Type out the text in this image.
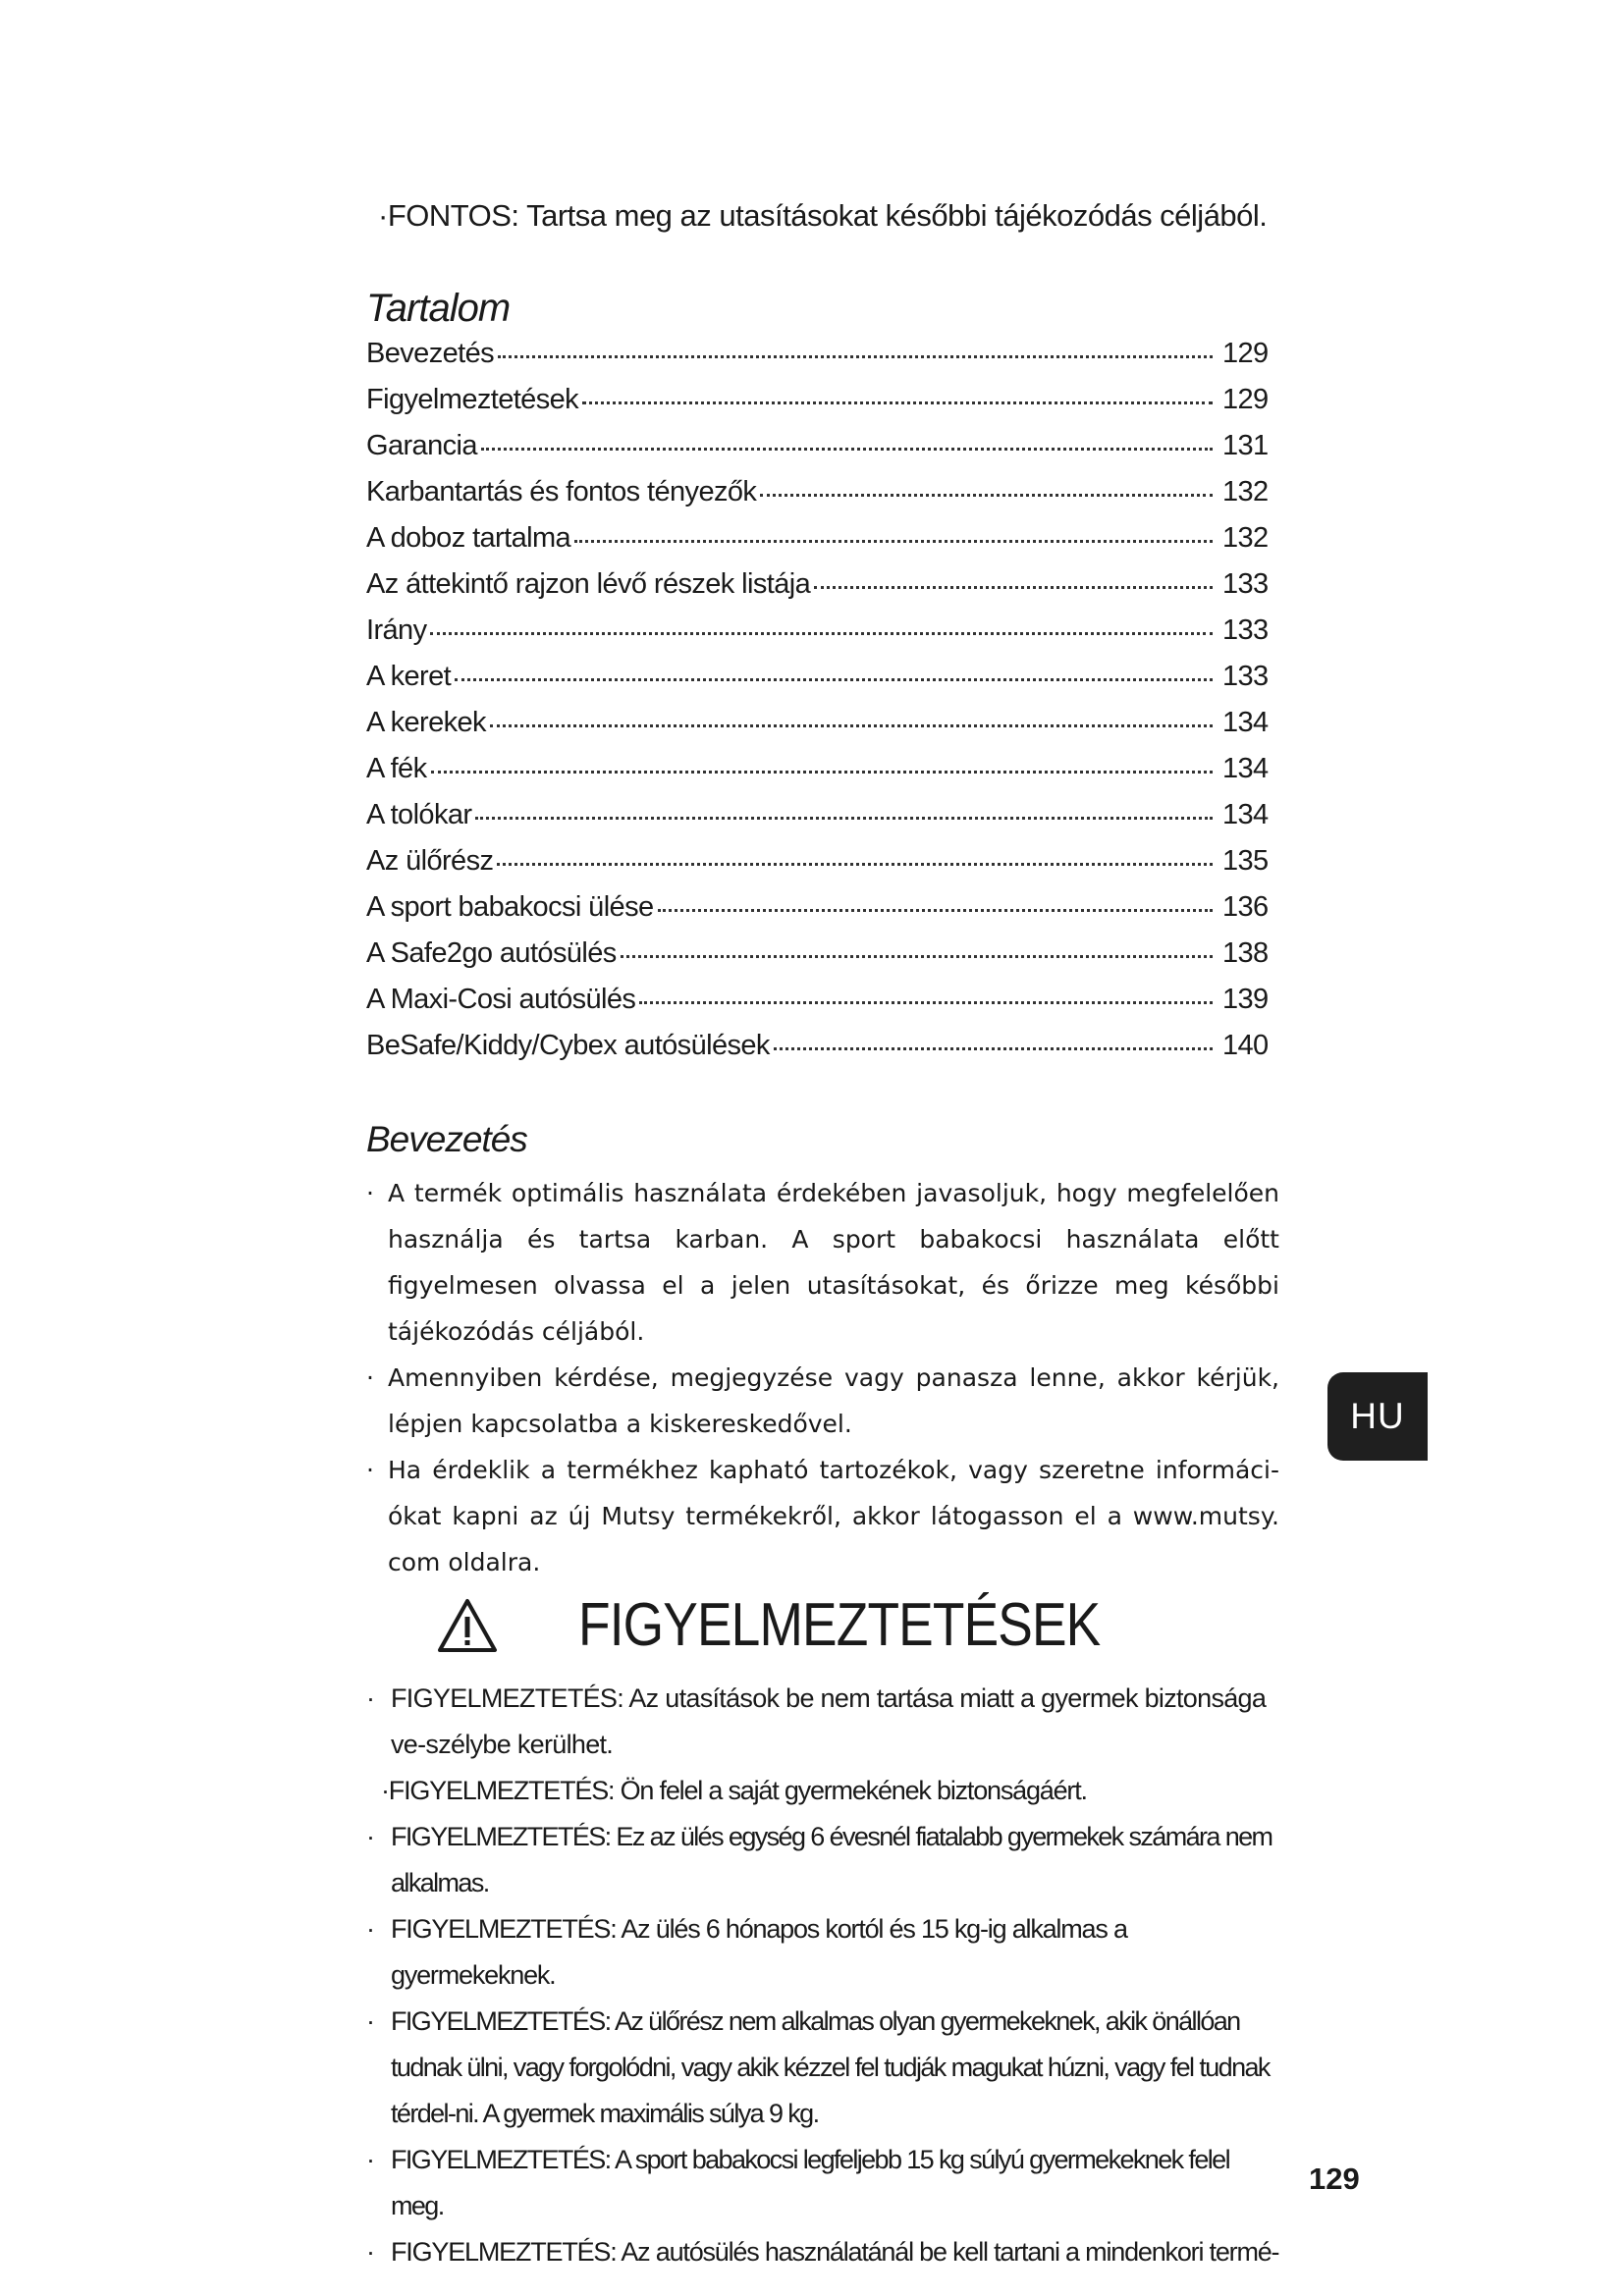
·FONTOS: Tartsa meg az utasításokat későbbi tájékozódás céljából.
Tartalom
Bevezetés	129
Figyelmeztetések	129
Garancia	131
Karbantartás és fontos tényezők	132
A doboz tartalma	132
Az áttekintő rajzon lévő részek listája	133
Irány	133
A keret	133
A kerekek	134
A fék	134
A tolókar	134
Az ülőrész	135
A sport babakocsi ülése	136
A Safe2go autósülés	138
A Maxi-Cosi autósülés	139
BeSafe/Kiddy/Cybex autósülések	140
Bevezetés
· A termék optimális használata érdekében javasoljuk, hogy megfelelően használja és tartsa karban. A sport babakocsi használata előtt figyelmesen olvassa el a jelen utasításokat, és őrizze meg későbbi tájékozódás céljából.
· Amennyiben kérdése, megjegyzése vagy panasza lenne, akkor kérjük, lépjen kapcsolatba a kiskereskedővel.
· Ha érdeklik a termékhez kapható tartozékok, vagy szeretne informáci-ókat kapni az új Mutsy termékekről, akkor látogasson el a www.mutsy. com oldalra.
HU
FIGYELMEZTETÉSEK
· FIGYELMEZTETÉS: Az utasítások be nem tartása miatt a gyermek biztonsága ve-szélybe kerülhet.
·FIGYELMEZTETÉS: Ön felel a saját gyermekének biztonságáért.
· FIGYELMEZTETÉS: Ez az ülés egység 6 évesnél fiatalabb gyermekek számára nem alkalmas.
· FIGYELMEZTETÉS: Az ülés 6 hónapos kortól és 15 kg-ig alkalmas a gyermekeknek.
· FIGYELMEZTETÉS: Az ülőrész nem alkalmas olyan gyermekeknek, akik önállóan tudnak ülni, vagy forgolódni, vagy akik kézzel fel tudják magukat húzni, vagy fel tudnak térdel-ni. A gyermek maximális súlya 9 kg.
· FIGYELMEZTETÉS: A sport babakocsi legfeljebb 15 kg súlyú gyermekeknek felel meg.
· FIGYELMEZTETÉS: Az autósülés használatánál be kell tartani a mindenkori termé-
129
